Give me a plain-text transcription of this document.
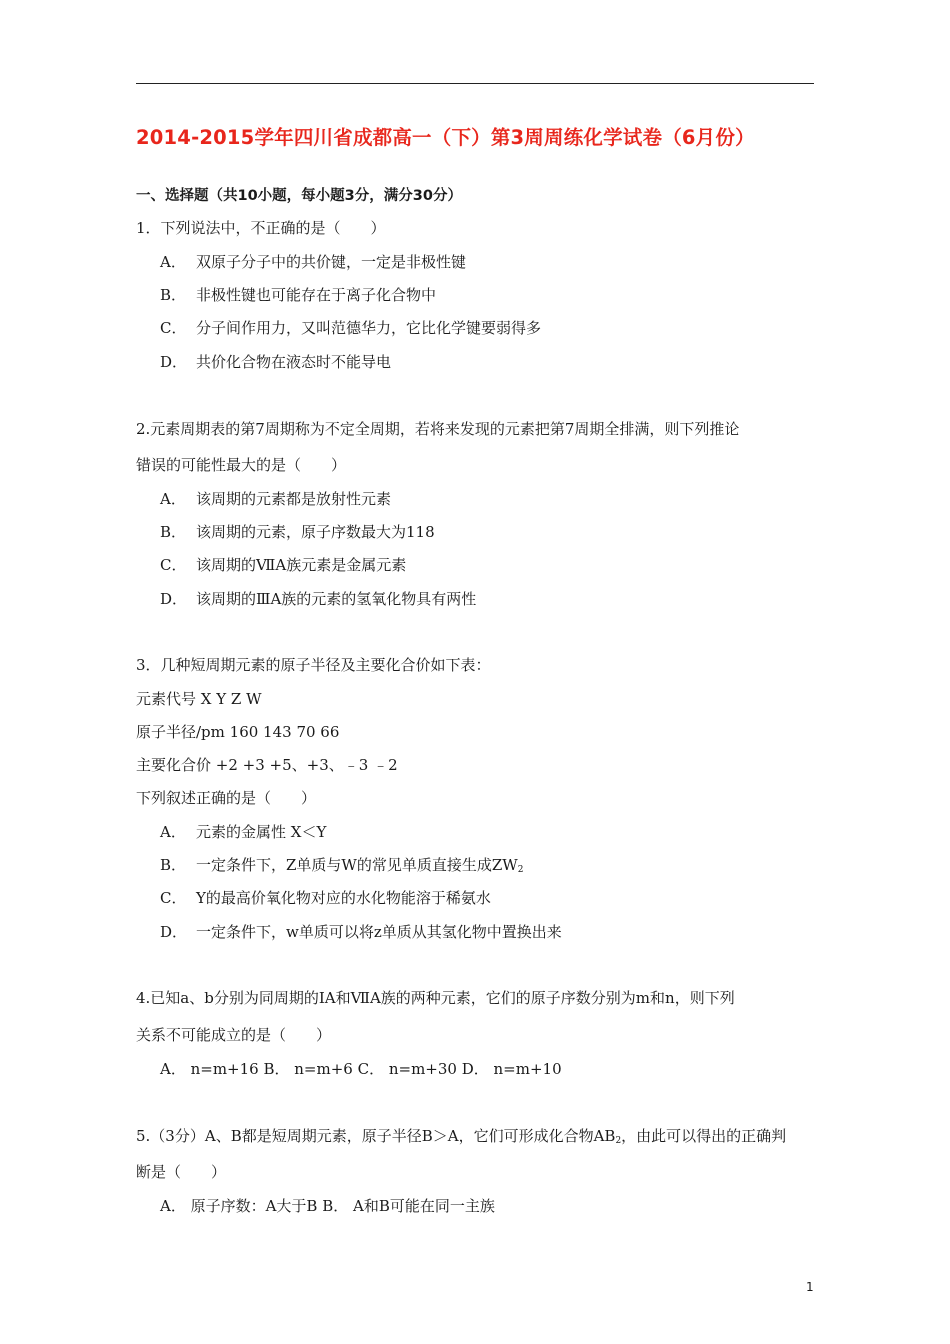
2014-2015学年四川省成都高一（下）第3周周练化学试卷（6月份）
一、选择题（共10小题，每小题3分，满分30分）
1．下列说法中，不正确的是（　　）
A． 双原子分子中的共价键，一定是非极性键
B． 非极性键也可能存在于离子化合物中
C． 分子间作用力，又叫范德华力，它比化学键要弱得多
D． 共价化合物在液态时不能导电
2.元素周期表的第7周期称为不定全周期，若将来发现的元素把第7周期全排满，则下列推论
错误的可能性最大的是（　　）
A． 该周期的元素都是放射性元素
B． 该周期的元素，原子序数最大为118
C． 该周期的ⅦA族元素是金属元素
D． 该周期的ⅢA族的元素的氢氧化物具有两性
3．几种短周期元素的原子半径及主要化合价如下表：
元素代号 X Y Z W
原子半径/pm 160 143 70 66
主要化合价 +2 +3 +5、+3、﹣3 ﹣2
下列叙述正确的是（　　）
A． 元素的金属性 X＜Y
B． 一定条件下，Z单质与W的常见单质直接生成$ZW_2$
C． Y的最高价氧化物对应的水化物能溶于稀氨水
D． 一定条件下，w单质可以将z单质从其氢化物中置换出来
4.已知a、b分别为同周期的ⅠA和ⅦA族的两种元素，它们的原子序数分别为m和n，则下列
关系不可能成立的是（　　）
A． n=m+16 B． n=m+6 C． n=m+30 D． n=m+10
5.（3分）A、B都是短周期元素，原子半径B＞A，它们可形成化合物$AB_2$，由此可以得出的正确判
断是（　　）
A． 原子序数：A大于B B． A和B可能在同一主族
1
